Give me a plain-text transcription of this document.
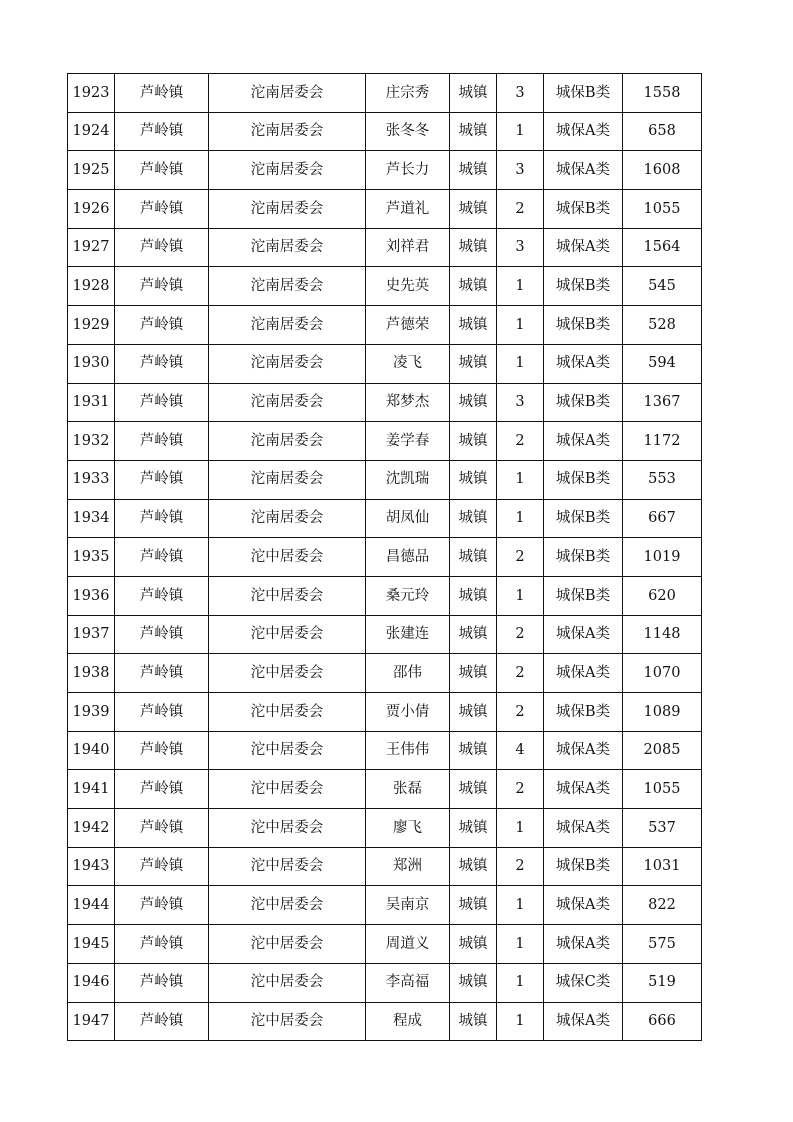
1923	芦岭镇	沱南居委会	庄宗秀	城镇	3	城保B类	1558
1924	芦岭镇	沱南居委会	张冬冬	城镇	1	城保A类	658
1925	芦岭镇	沱南居委会	芦长力	城镇	3	城保A类	1608
1926	芦岭镇	沱南居委会	芦道礼	城镇	2	城保B类	1055
1927	芦岭镇	沱南居委会	刘祥君	城镇	3	城保A类	1564
1928	芦岭镇	沱南居委会	史先英	城镇	1	城保B类	545
1929	芦岭镇	沱南居委会	芦德荣	城镇	1	城保B类	528
1930	芦岭镇	沱南居委会	凌飞	城镇	1	城保A类	594
1931	芦岭镇	沱南居委会	郑梦杰	城镇	3	城保B类	1367
1932	芦岭镇	沱南居委会	姜学春	城镇	2	城保A类	1172
1933	芦岭镇	沱南居委会	沈凯瑞	城镇	1	城保B类	553
1934	芦岭镇	沱南居委会	胡凤仙	城镇	1	城保B类	667
1935	芦岭镇	沱中居委会	昌德品	城镇	2	城保B类	1019
1936	芦岭镇	沱中居委会	桑元玲	城镇	1	城保B类	620
1937	芦岭镇	沱中居委会	张建连	城镇	2	城保A类	1148
1938	芦岭镇	沱中居委会	邵伟	城镇	2	城保A类	1070
1939	芦岭镇	沱中居委会	贾小倩	城镇	2	城保B类	1089
1940	芦岭镇	沱中居委会	王伟伟	城镇	4	城保A类	2085
1941	芦岭镇	沱中居委会	张磊	城镇	2	城保A类	1055
1942	芦岭镇	沱中居委会	廖飞	城镇	1	城保A类	537
1943	芦岭镇	沱中居委会	郑洲	城镇	2	城保B类	1031
1944	芦岭镇	沱中居委会	吴南京	城镇	1	城保A类	822
1945	芦岭镇	沱中居委会	周道义	城镇	1	城保A类	575
1946	芦岭镇	沱中居委会	李高福	城镇	1	城保C类	519
1947	芦岭镇	沱中居委会	程成	城镇	1	城保A类	666
